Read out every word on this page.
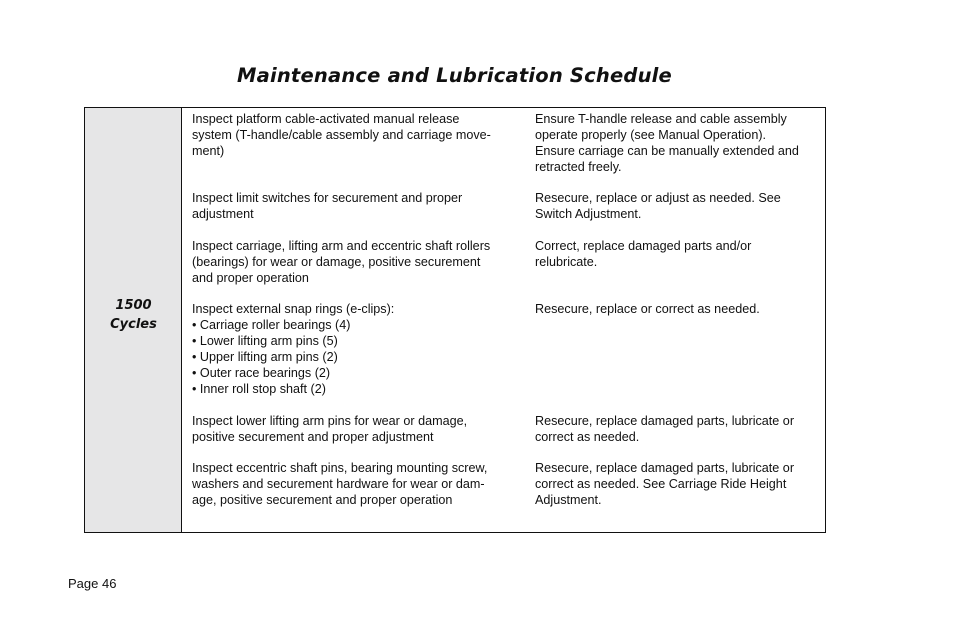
Maintenance and Lubrication Schedule
1500
Cycles
Inspect platform cable-activated manual release
system (T-handle/cable assembly and carriage move-
ment)
Ensure T-handle release and cable assembly
operate properly (see Manual Operation).
Ensure carriage can be manually extended and
retracted freely.
Inspect limit switches for securement and proper
adjustment
Resecure, replace or adjust as needed. See
Switch Adjustment.
Inspect carriage, lifting arm and eccentric shaft rollers
(bearings) for wear or damage, positive securement
and proper operation
Correct, replace damaged parts and/or
relubricate.
Inspect external snap rings (e-clips):
• Carriage roller bearings (4)
• Lower lifting arm pins (5)
• Upper lifting arm pins (2)
• Outer race bearings (2)
• Inner roll stop shaft (2)
Resecure, replace or correct as needed.
Inspect lower lifting arm pins for wear or damage,
positive securement and proper adjustment
Resecure, replace damaged parts, lubricate or
correct as needed.
Inspect eccentric shaft pins, bearing mounting screw,
washers and securement hardware for wear or dam-
age, positive securement and proper operation
Resecure, replace damaged parts, lubricate or
correct as needed. See Carriage Ride Height
Adjustment.
Page 46
